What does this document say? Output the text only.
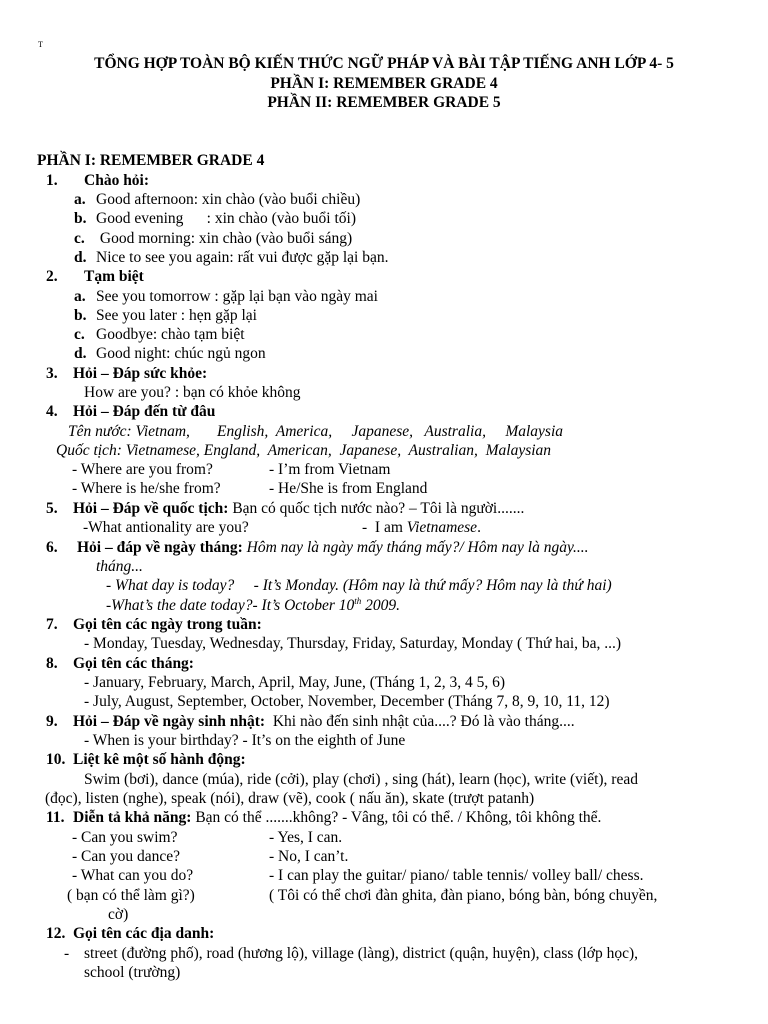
T
TỔNG HỢP TOÀN BỘ KIẾN THỨC NGỮ PHÁP VÀ BÀI TẬP TIẾNG ANH LỚP 4- 5
PHẦN I: REMEMBER GRADE 4
PHẦN II: REMEMBER GRADE 5
PHẦN I: REMEMBER GRADE 4
1. Chào hỏi:
a. Good afternoon: xin chào (vào buổi chiều)
b. Good evening      : xin chào (vào buổi tối)
c. Good morning: xin chào (vào buổi sáng)
d. Nice to see you again: rất vui được gặp lại bạn.
2. Tạm biệt
a. See you tomorrow : gặp lại bạn vào ngày mai
b. See you later : hẹn gặp lại
c. Goodbye: chào tạm biệt
d. Good night: chúc ngủ ngon
3. Hỏi – Đáp sức khỏe:
How are you? : bạn có khỏe không
4. Hỏi – Đáp đến từ đâu
Tên nước: Vietnam,       English,  America,     Japanese,   Australia,     Malaysia
Quốc tịch: Vietnamese, England,  American,  Japanese,  Australian,  Malaysian
- Where are you from?	- I’m from Vietnam
- Where is he/she from?	- He/She is from England
5. Hỏi – Đáp về quốc tịch: Bạn có quốc tịch nước nào? – Tôi là người.......
-What antionality are you?	-  I am Vietnamese.
6. Hỏi – đáp về ngày tháng: Hôm nay là ngày mấy tháng mấy?/ Hôm nay là ngày....
tháng...
- What day is today?     - It’s Monday. (Hôm nay là thứ mấy? Hôm nay là thứ hai)
-What’s the date today?- It’s October 10th 2009.
7. Gọi tên các ngày trong tuần:
- Monday, Tuesday, Wednesday, Thursday, Friday, Saturday, Monday ( Thứ hai, ba, ...)
8. Gọi tên các tháng:
- January, February, March, April, May, June, (Tháng 1, 2, 3, 4 5, 6)
- July, August, September, October, November, December (Tháng 7, 8, 9, 10, 11, 12)
9. Hỏi – Đáp về ngày sinh nhật:  Khi nào đến sinh nhật của....? Đó là vào tháng....
- When is your birthday? - It’s on the eighth of June
10. Liệt kê một số hành động:
Swim (bơi), dance (múa), ride (cởi), play (chơi) , sing (hát), learn (học), write (viết), read
(đọc), listen (nghe), speak (nói), draw (vẽ), cook ( nấu ăn), skate (trượt patanh)
11. Diễn tả khả năng: Bạn có thể .......không? - Vâng, tôi có thể. / Không, tôi không thể.
- Can you swim?	- Yes, I can.
- Can you dance?	- No, I can’t.
- What can you do?	- I can play the guitar/ piano/ table tennis/ volley ball/ chess.
( bạn có thể làm gì?)	( Tôi có thể chơi đàn ghita, đàn piano, bóng bàn, bóng chuyền,
cờ)
12. Gọi tên các địa danh:
- street (đường phố), road (hương lộ), village (làng), district (quận, huyện), class (lớp học),
school (trường)
